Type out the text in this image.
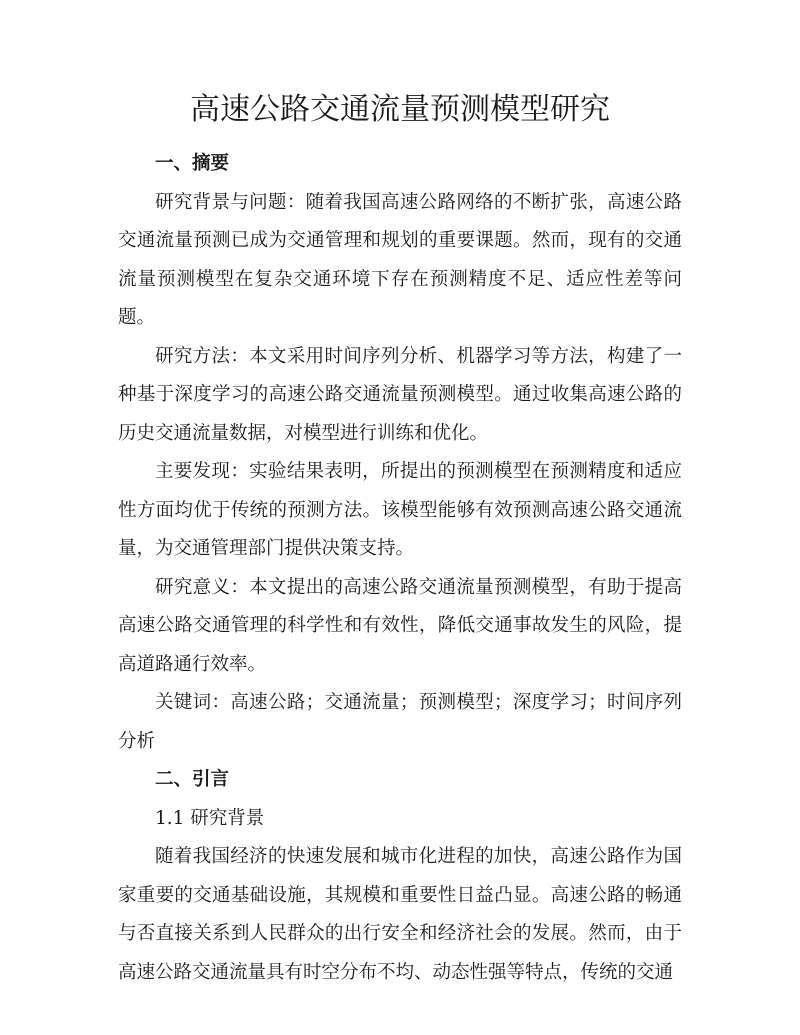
高速公路交通流量预测模型研究

一、摘要

研究背景与问题：随着我国高速公路网络的不断扩张，高速公路交通流量预测已成为交通管理和规划的重要课题。然而，现有的交通流量预测模型在复杂交通环境下存在预测精度不足、适应性差等问题。

研究方法：本文采用时间序列分析、机器学习等方法，构建了一种基于深度学习的高速公路交通流量预测模型。通过收集高速公路的历史交通流量数据，对模型进行训练和优化。

主要发现：实验结果表明，所提出的预测模型在预测精度和适应性方面均优于传统的预测方法。该模型能够有效预测高速公路交通流量，为交通管理部门提供决策支持。

研究意义：本文提出的高速公路交通流量预测模型，有助于提高高速公路交通管理的科学性和有效性，降低交通事故发生的风险，提高道路通行效率。

关键词：高速公路；交通流量；预测模型；深度学习；时间序列分析

二、引言

1.1 研究背景

随着我国经济的快速发展和城市化进程的加快，高速公路作为国家重要的交通基础设施，其规模和重要性日益凸显。高速公路的畅通与否直接关系到人民群众的出行安全和经济社会的发展。然而，由于高速公路交通流量具有时空分布不均、动态性强等特点，传统的交通
